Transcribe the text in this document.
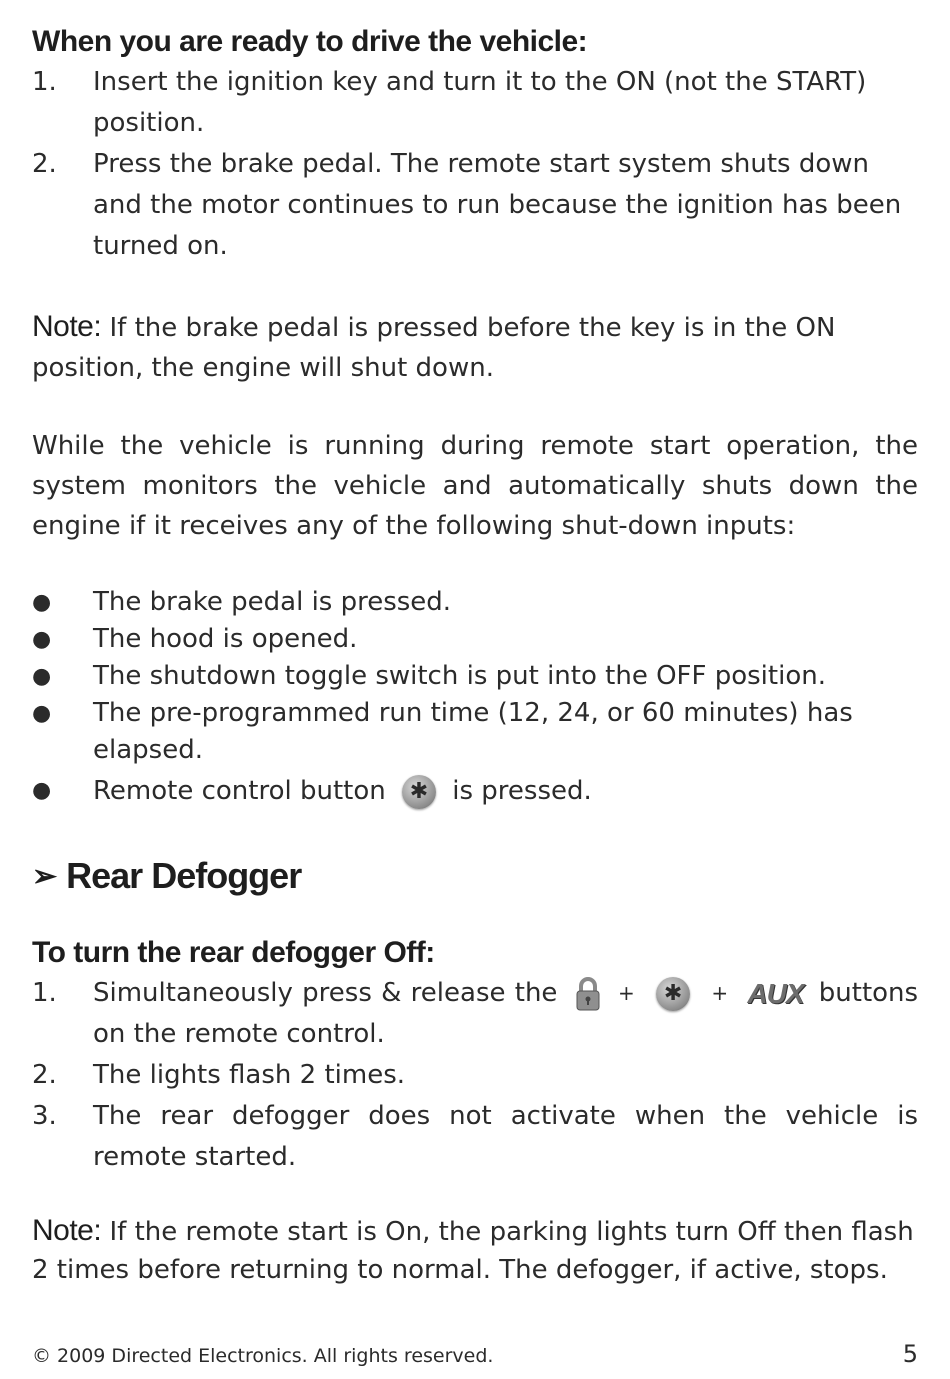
When you are ready to drive the vehicle:
1. Insert the ignition key and turn it to the ON (not the START) position.
2. Press the brake pedal. The remote start system shuts down and the motor continues to run because the ignition has been turned on.

Note: If the brake pedal is pressed before the key is in the ON position, the engine will shut down.

While the vehicle is running during remote start operation, the system monitors the vehicle and automatically shuts down the engine if it receives any of the following shut-down inputs:

● The brake pedal is pressed.
● The hood is opened.
● The shutdown toggle switch is put into the OFF position.
● The pre-programmed run time (12, 24, or 60 minutes) has elapsed.
● Remote control button ✱	is pressed.
➢ Rear Defogger
To turn the rear defogger Off:
1. Simultaneously press & release the	+ ✱	+ AUX buttons on the remote control.
2. The lights flash 2 times.
3. The rear defogger does not activate when the vehicle is remote started.

Note: If the remote start is On, the parking lights turn Off then flash 2 times before returning to normal. The defogger, if active, stops.

© 2009 Directed Electronics. All rights reserved.	5
